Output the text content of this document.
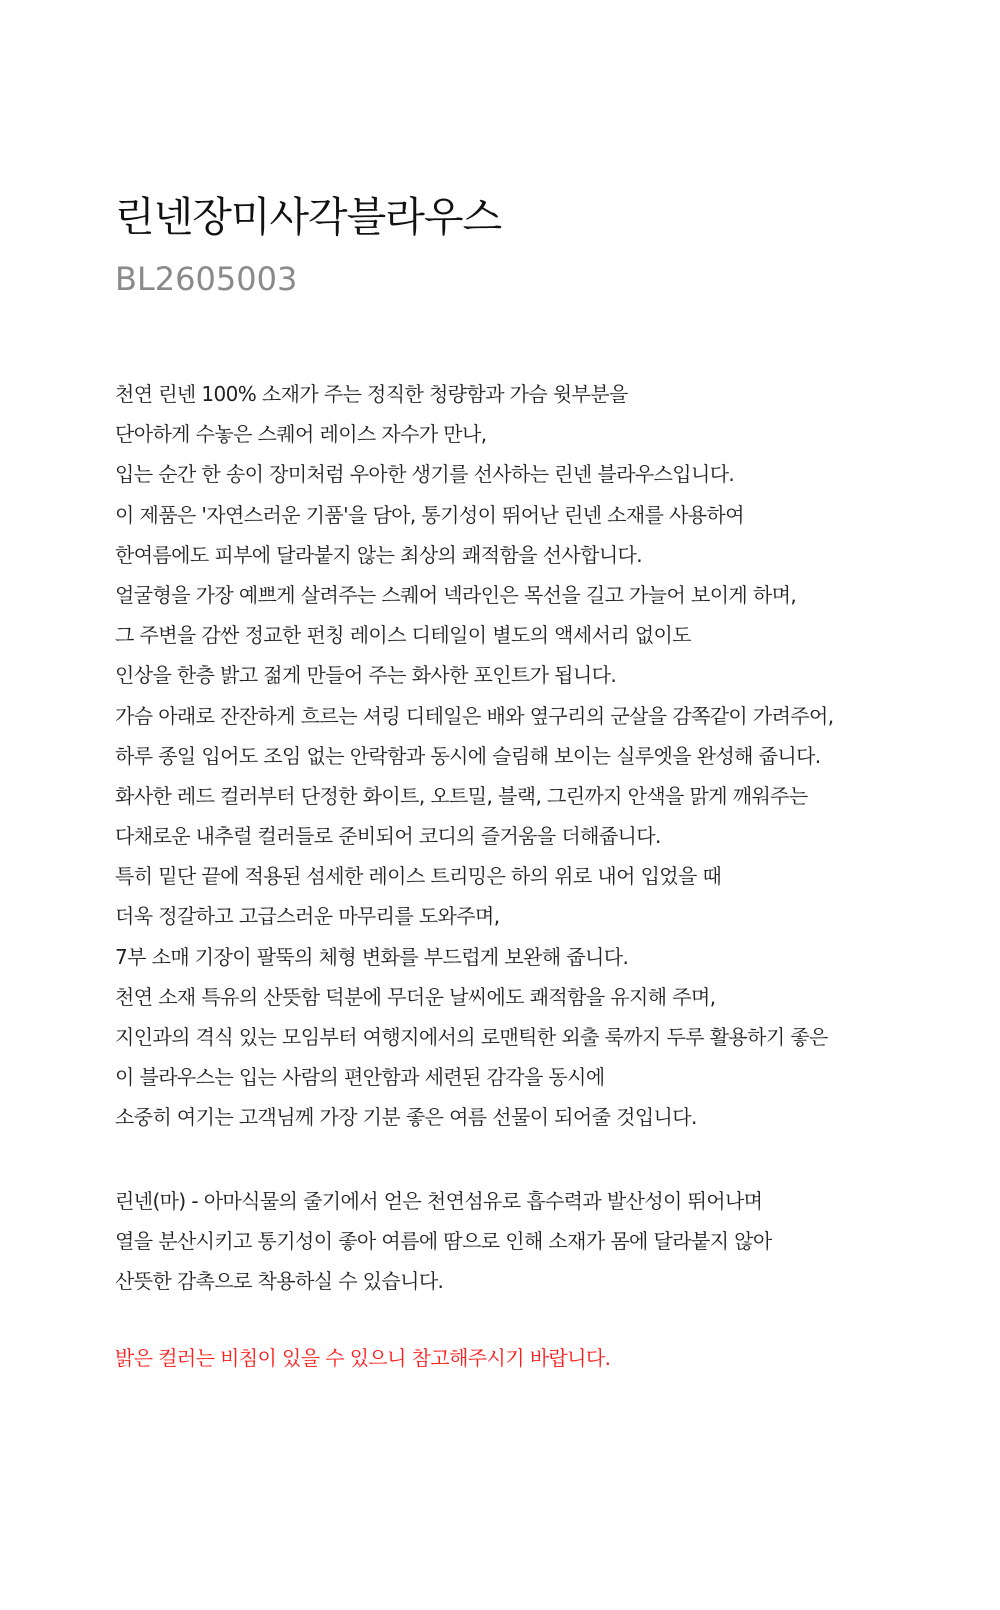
린넨장미사각블라우스
BL2605003
천연 린넨 100% 소재가 주는 정직한 청량함과 가슴 윗부분을
단아하게 수놓은 스퀘어 레이스 자수가 만나,
입는 순간 한 송이 장미처럼 우아한 생기를 선사하는 린넨 블라우스입니다.
이 제품은 '자연스러운 기품'을 담아, 통기성이 뛰어난 린넨 소재를 사용하여
한여름에도 피부에 달라붙지 않는 최상의 쾌적함을 선사합니다.
얼굴형을 가장 예쁘게 살려주는 스퀘어 넥라인은 목선을 길고 가늘어 보이게 하며,
그 주변을 감싼 정교한 펀칭 레이스 디테일이 별도의 액세서리 없이도
인상을 한층 밝고 젊게 만들어 주는 화사한 포인트가 됩니다.
가슴 아래로 잔잔하게 흐르는 셔링 디테일은 배와 옆구리의 군살을 감쪽같이 가려주어,
하루 종일 입어도 조임 없는 안락함과 동시에 슬림해 보이는 실루엣을 완성해 줍니다.
화사한 레드 컬러부터 단정한 화이트, 오트밀, 블랙, 그린까지 안색을 맑게 깨워주는
다채로운 내추럴 컬러들로 준비되어 코디의 즐거움을 더해줍니다.
특히 밑단 끝에 적용된 섬세한 레이스 트리밍은 하의 위로 내어 입었을 때
더욱 정갈하고 고급스러운 마무리를 도와주며,
7부 소매 기장이 팔뚝의 체형 변화를 부드럽게 보완해 줍니다.
천연 소재 특유의 산뜻함 덕분에 무더운 날씨에도 쾌적함을 유지해 주며,
지인과의 격식 있는 모임부터 여행지에서의 로맨틱한 외출 룩까지 두루 활용하기 좋은
이 블라우스는 입는 사람의 편안함과 세련된 감각을 동시에
소중히 여기는 고객님께 가장 기분 좋은 여름 선물이 되어줄 것입니다.
린넨(마) - 아마식물의 줄기에서 얻은 천연섬유로 흡수력과 발산성이 뛰어나며
열을 분산시키고 통기성이 좋아 여름에 땀으로 인해 소재가 몸에 달라붙지 않아
산뜻한 감촉으로 착용하실 수 있습니다.

밝은 컬러는 비침이 있을 수 있으니 참고해주시기 바랍니다.
